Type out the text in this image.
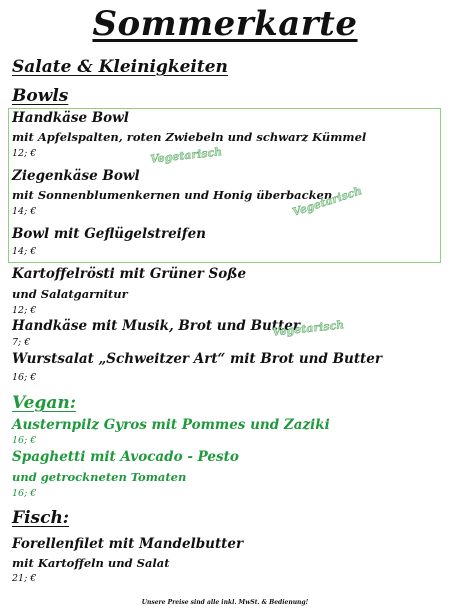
Sommerkarte
Salate & Kleinigkeiten
Bowls
Handkäse Bowl
mit Apfelspalten, roten Zwiebeln und schwarz Kümmel
12; €	Vegetarisch
Ziegenkäse Bowl
mit Sonnenblumenkernen und Honig überbacken
14; €	Vegetarisch
Bowl mit Geflügelstreifen
14; €
Kartoffelrösti mit Grüner Soße
und Salatgarnitur
12; €
Handkäse mit Musik, Brot und Butter
Vegetarisch
7; €
Wurstsalat „Schweitzer Art“ mit Brot und Butter
16; €
Vegan:
Austernpilz Gyros mit Pommes und Zaziki
16; €
Spaghetti mit Avocado - Pesto
und getrockneten Tomaten
16; €
Fisch:
Forellenfilet mit Mandelbutter
mit Kartoffeln und Salat
21; €
Unsere Preise sind alle inkl. MwSt. & Bedienung!
